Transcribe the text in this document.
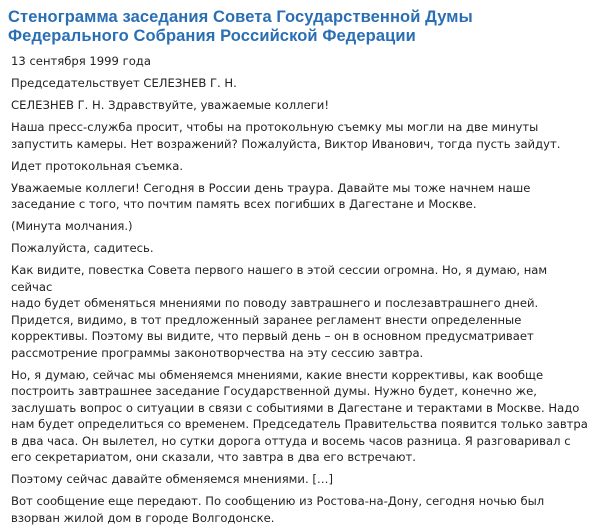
Стенограмма заседания Совета Государственной Думы
Федерального Собрания Российской Федерации
13 сентября 1999 года
Председательствует СЕЛЕЗНЕВ Г. Н.
СЕЛЕЗНЕВ Г. Н. Здравствуйте, уважаемые коллеги!
Наша пресс-служба просит, чтобы на протокольную съемку мы могли на две минуты
запустить камеры. Нет возражений? Пожалуйста, Виктор Иванович, тогда пусть зайдут.
Идет протокольная съемка.
Уважаемые коллеги! Сегодня в России день траура. Давайте мы тоже начнем наше
заседание с того, что почтим память всех погибших в Дагестане и Москве.
(Минута молчания.)
Пожалуйста, садитесь.
Как видите, повестка Совета первого нашего в этой сессии огромна. Но, я думаю, нам сейчас
надо будет обменяться мнениями по поводу завтрашнего и послезавтрашнего дней.
Придется, видимо, в тот предложенный заранее регламент внести определенные
коррективы. Поэтому вы видите, что первый день – он в основном предусматривает
рассмотрение программы законотворчества на эту сессию завтра.
Но, я думаю, сейчас мы обменяемся мнениями, какие внести коррективы, как вообще
построить завтрашнее заседание Государственной думы. Нужно будет, конечно же,
заслушать вопрос о ситуации в связи с событиями в Дагестане и терактами в Москве. Надо
нам будет определиться со временем. Председатель Правительства появится только завтра
в два часа. Он вылетел, но сутки дорога оттуда и восемь часов разница. Я разговаривал с
его секретариатом, они сказали, что завтра в два его встречают.
Поэтому сейчас давайте обменяемся мнениями. […]
Вот сообщение еще передают. По сообщению из Ростова-на-Дону, сегодня ночью был
взорван жилой дом в городе Волгодонске.
